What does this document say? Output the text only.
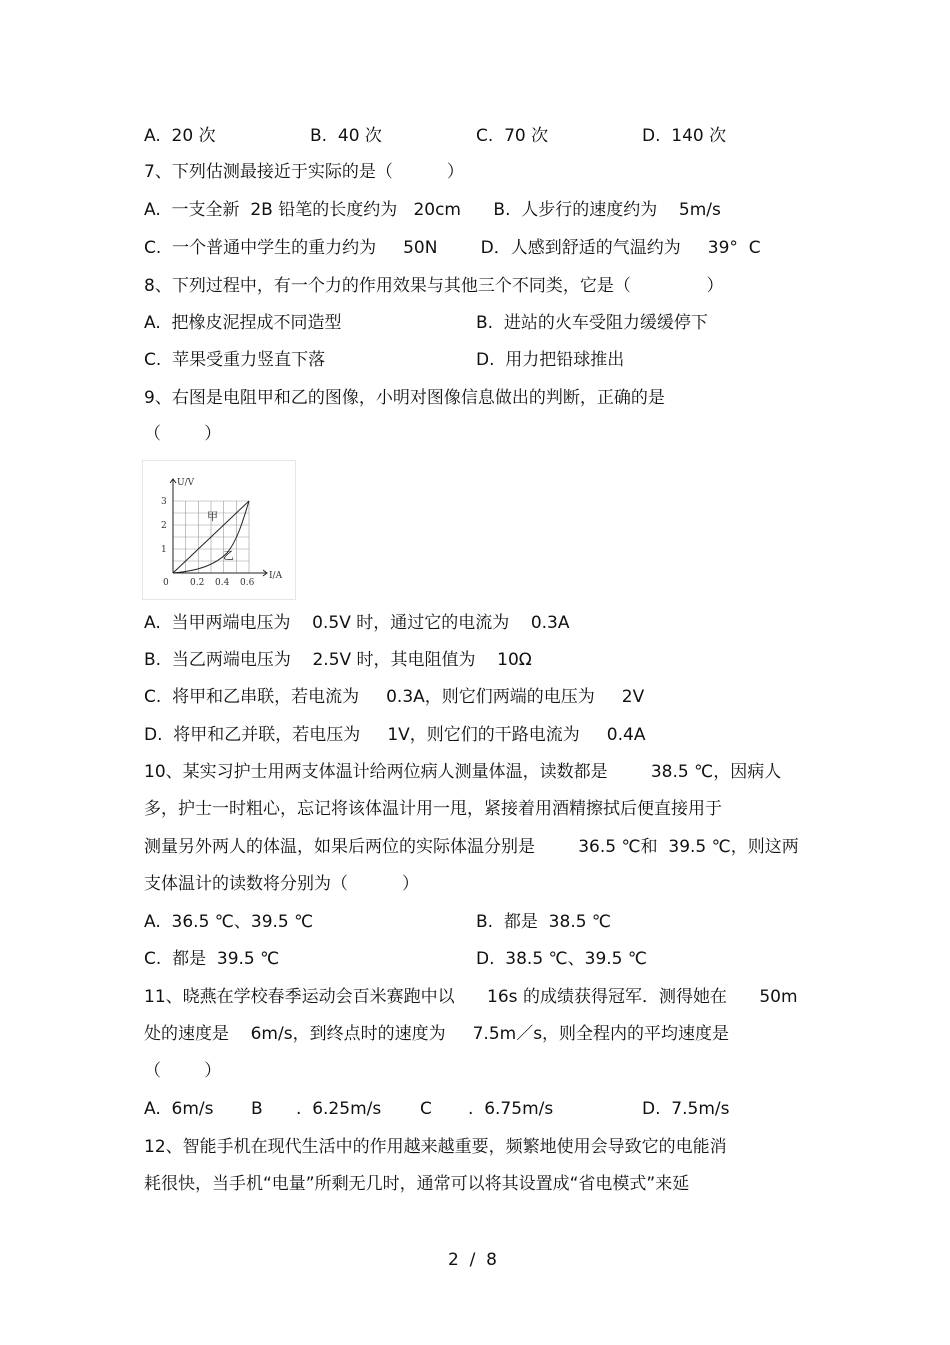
A.  20 次	B.  40 次	C.  70 次	D.  140 次
7、下列估测最接近于实际的是（          ）
A.  一支全新  2B 铅笔的长度约为   20cm      B.  人步行的速度约为    5m/s
C.  一个普通中学生的重力约为     50N        D．人感到舒适的气温约为     39°  C
8、下列过程中，有一个力的作用效果与其他三个不同类，它是（              ）
A.  把橡皮泥捏成不同造型	B.  进站的火车受阻力缓缓停下
C.  苹果受重力竖直下落	D.  用力把铅球推出
9、右图是电阻甲和乙的图像，小明对图像信息做出的判断，正确的是
（        ）
U/V
I/A
3
2
1
0 0.2 0.4 0.6
甲
乙
A.  当甲两端电压为    0.5V 时，通过它的电流为    0.3A
B.  当乙两端电压为    2.5V 时，其电阻值为    10Ω
C.  将甲和乙串联，若电流为     0.3A，则它们两端的电压为     2V
D.  将甲和乙并联，若电压为     1V，则它们的干路电流为     0.4A
10、某实习护士用两支体温计给两位病人测量体温，读数都是        38.5 ℃，因病人
多，护士一时粗心，忘记将该体温计用一甩，紧接着用酒精擦拭后便直接用于
测量另外两人的体温，如果后两位的实际体温分别是        36.5 ℃和  39.5 ℃，则这两
支体温计的读数将分别为（          ）
A.  36.5 ℃、39.5 ℃	B.  都是  38.5 ℃
C.  都是  39.5 ℃	D.  38.5 ℃、39.5 ℃
11、晓燕在学校春季运动会百米赛跑中以      16s 的成绩获得冠军．测得她在      50m
处的速度是    6m/s，到终点时的速度为     7.5m／s，则全程内的平均速度是
（        ）
A.  6m/s B .  6.25m/s C .  6.75m/s	D.  7.5m/s
12、智能手机在现代生活中的作用越来越重要，频繁地使用会导致它的电能消
耗很快，当手机“电量”所剩无几时，通常可以将其设置成“省电模式”来延
2  /  8
